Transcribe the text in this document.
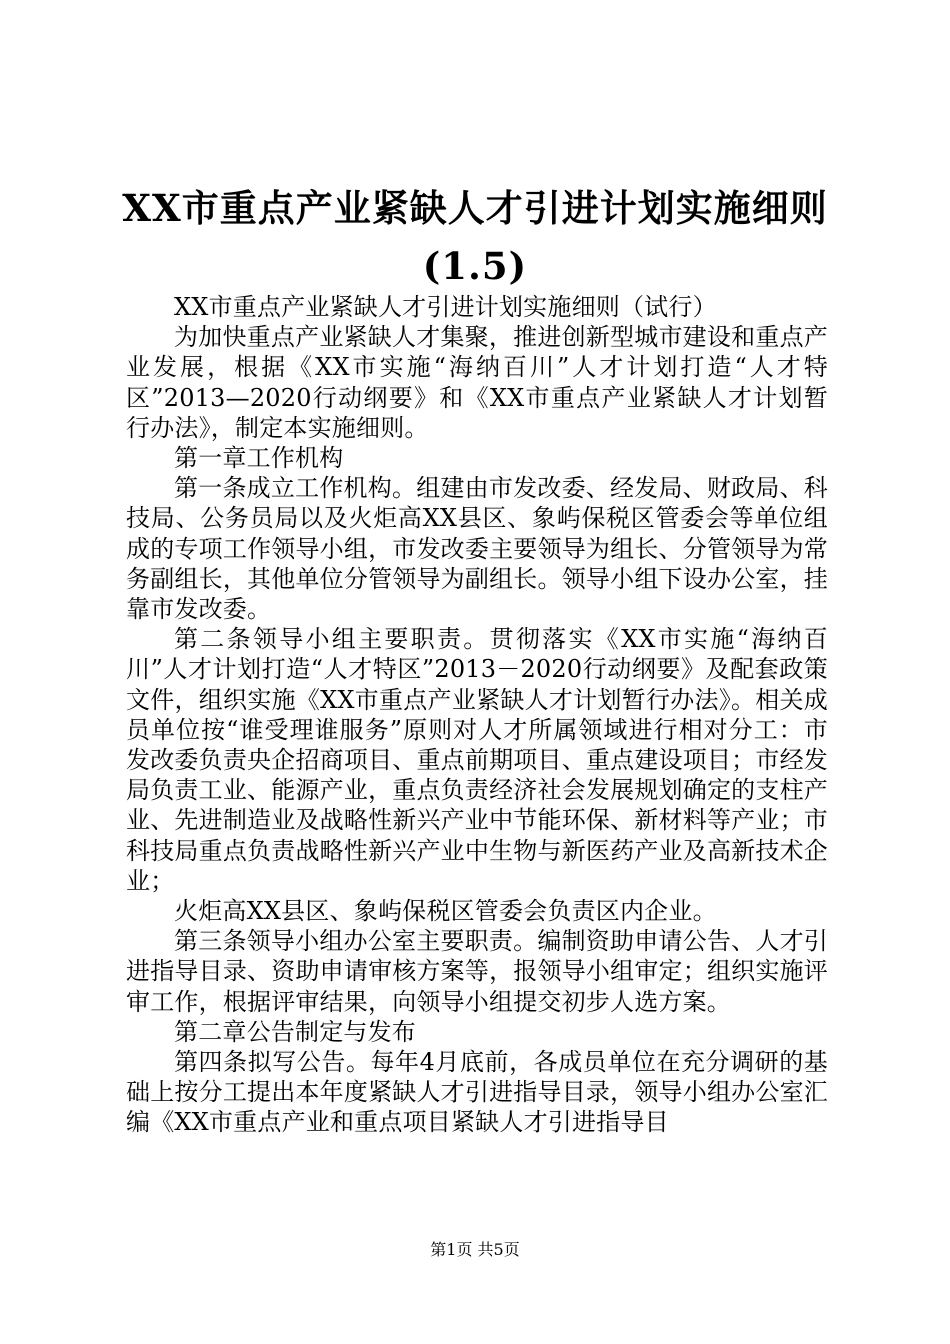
XX市重点产业紧缺人才引进计划实施细则
(1.5)

XX市重点产业紧缺人才引进计划实施细则（试行）

为加快重点产业紧缺人才集聚，推进创新型城市建设和重点产业发展，根据《XX市实施“海纳百川”人才计划打造“人才特区”2013—2020行动纲要》和《XX市重点产业紧缺人才计划暂行办法》，制定本实施细则。

第一章工作机构

第一条成立工作机构。组建由市发改委、经发局、财政局、科技局、公务员局以及火炬高XX县区、象屿保税区管委会等单位组成的专项工作领导小组，市发改委主要领导为组长、分管领导为常务副组长，其他单位分管领导为副组长。领导小组下设办公室，挂靠市发改委。

第二条领导小组主要职责。贯彻落实《XX市实施“海纳百川”人才计划打造“人才特区”2013－2020行动纲要》及配套政策文件，组织实施《XX市重点产业紧缺人才计划暂行办法》。相关成员单位按“谁受理谁服务”原则对人才所属领域进行相对分工：市发改委负责央企招商项目、重点前期项目、重点建设项目；市经发局负责工业、能源产业，重点负责经济社会发展规划确定的支柱产业、先进制造业及战略性新兴产业中节能环保、新材料等产业；市科技局重点负责战略性新兴产业中生物与新医药产业及高新技术企业；

火炬高XX县区、象屿保税区管委会负责区内企业。

第三条领导小组办公室主要职责。编制资助申请公告、人才引进指导目录、资助申请审核方案等，报领导小组审定；组织实施评审工作，根据评审结果，向领导小组提交初步人选方案。

第二章公告制定与发布

第四条拟写公告。每年4月底前，各成员单位在充分调研的基础上按分工提出本年度紧缺人才引进指导目录，领导小组办公室汇编《XX市重点产业和重点项目紧缺人才引进指导目

第1页 共5页
